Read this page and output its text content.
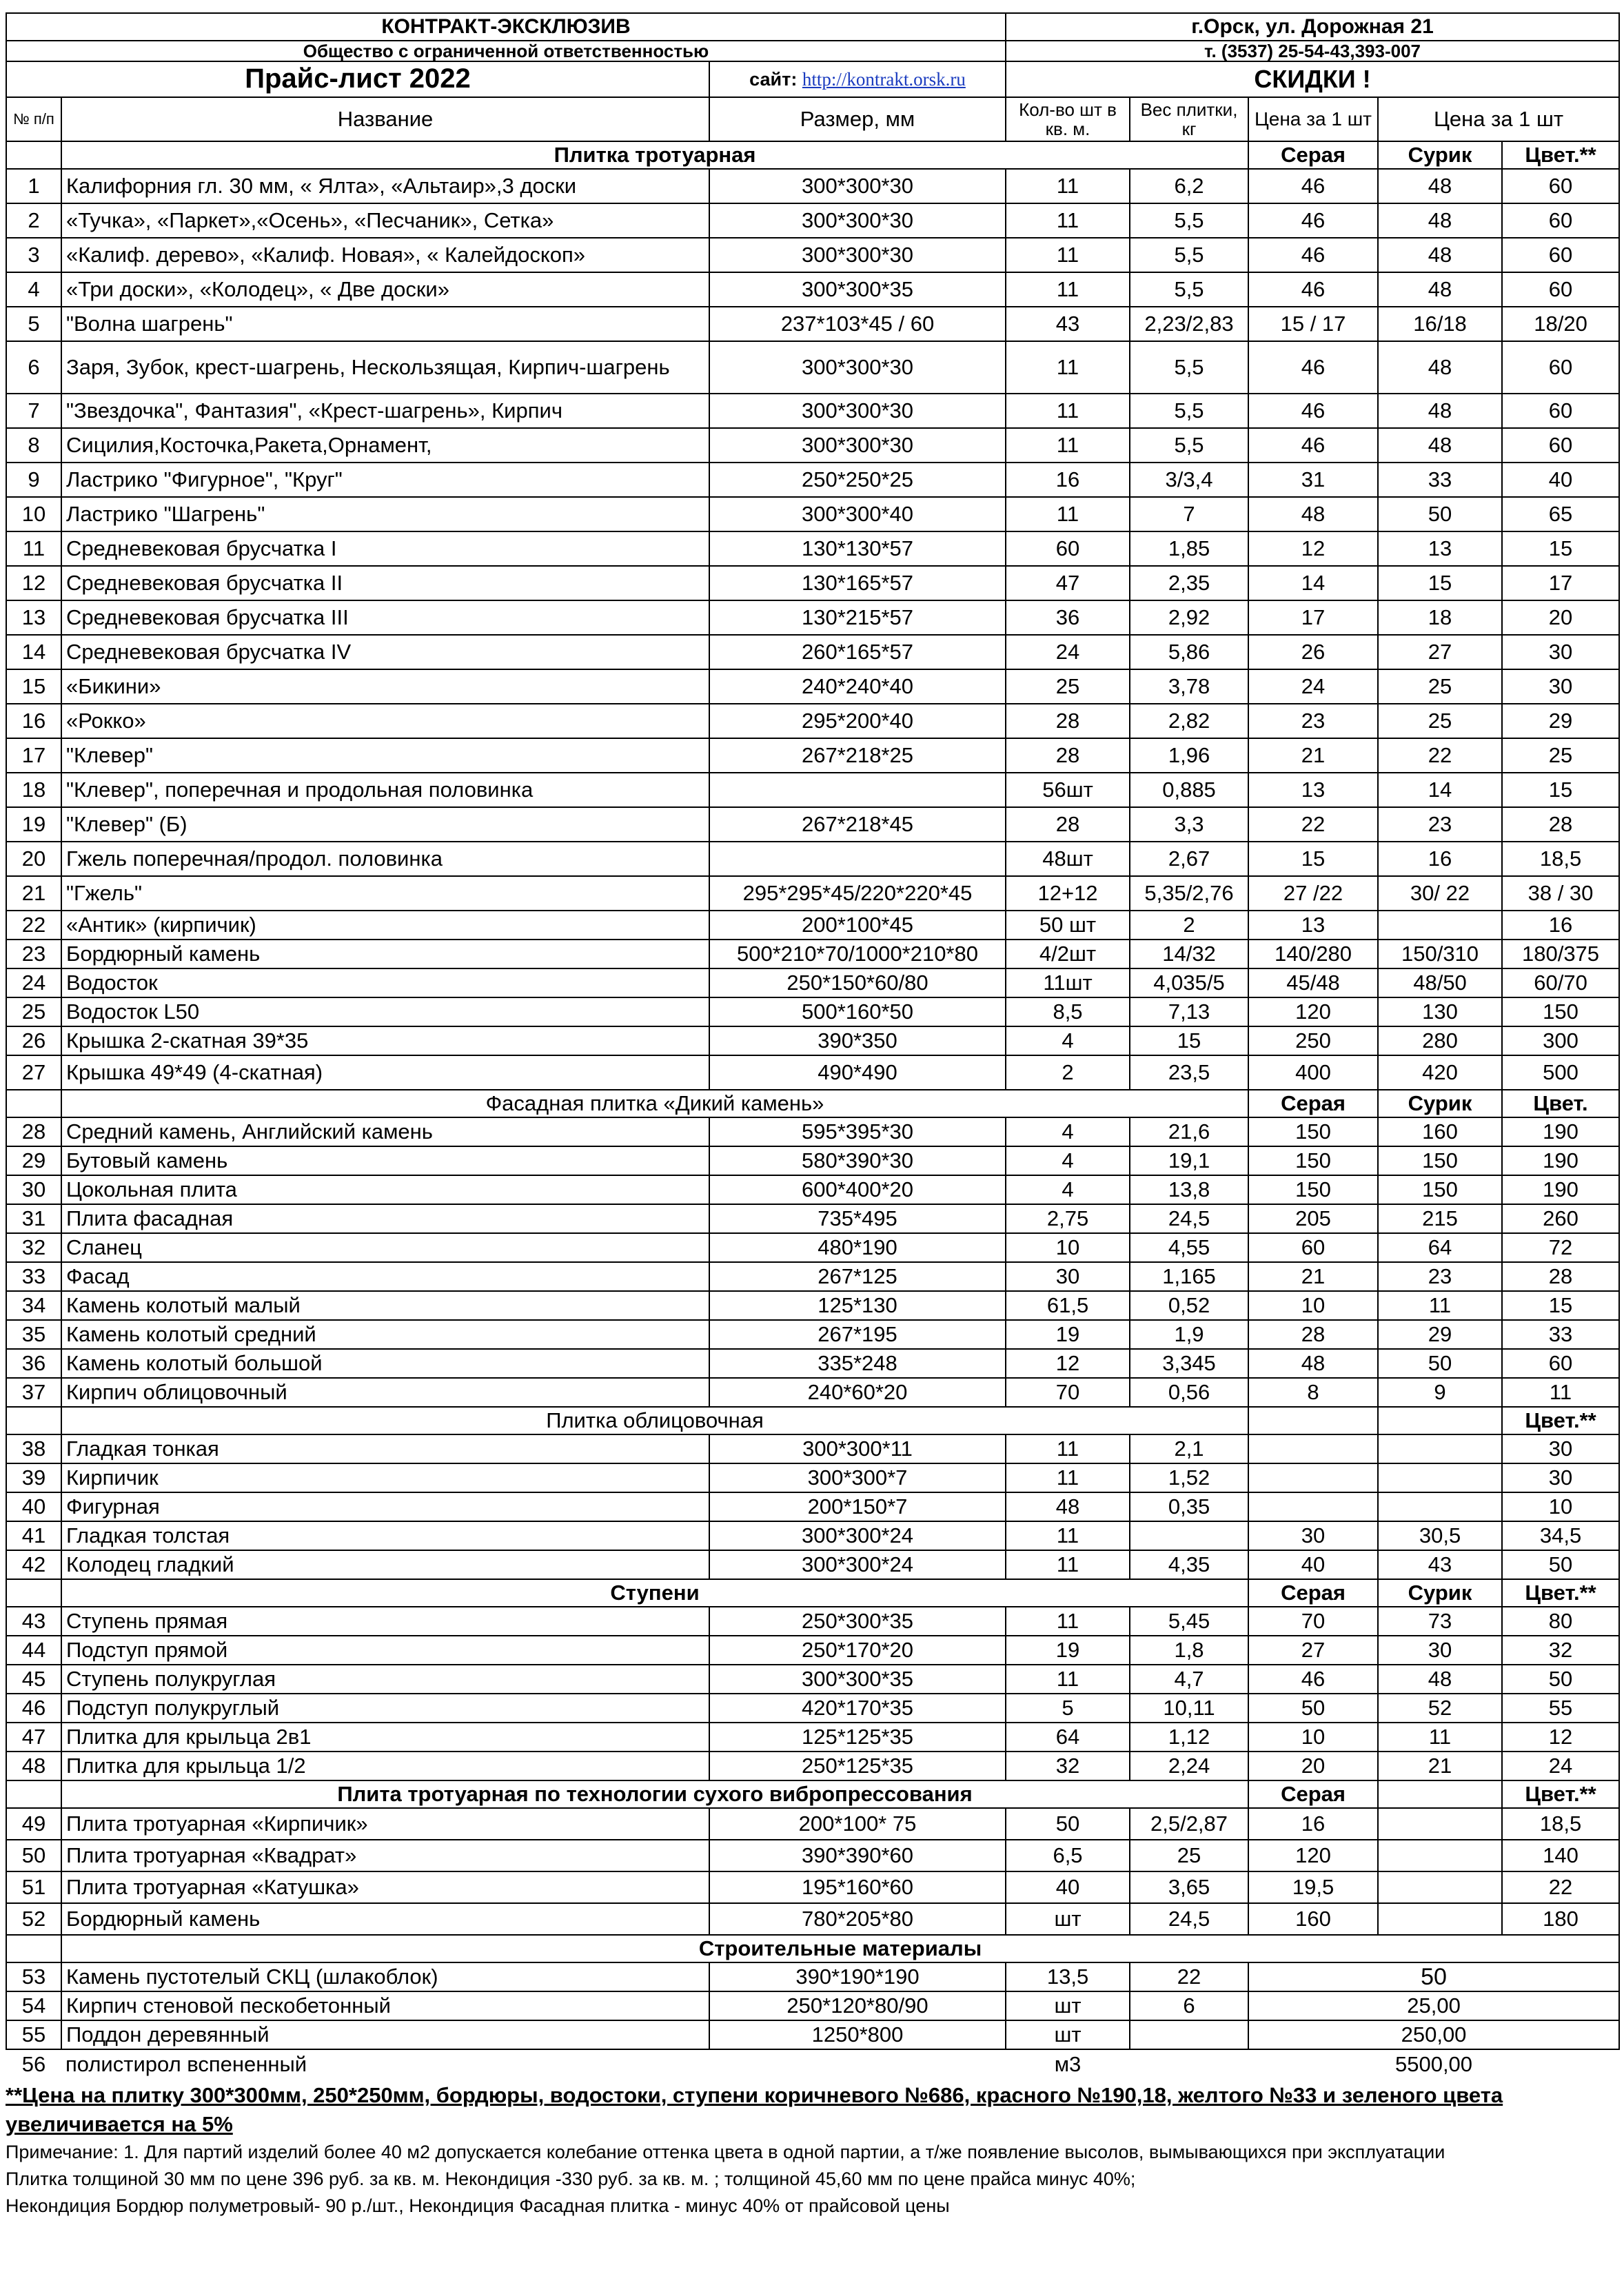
КОНТРАКТ-ЭКСКЛЮЗИВ			г.Орск, ул. Дорожная 21				
Общество с ограниченной ответственностью			т. (3537) 25-54-43,393-007				
Прайс-лист 2022		сайт: http://kontrakt.orsk.ru	СКИДКИ !				
№ п/п	Название	Размер, мм	Кол-во шт в кв. м.	Вес плитки, кг	Цена за 1 шт	Цена за 1 шт	
	Плитка тротуарная				Серая	Сурик	Цвет.**
1	Калифорния гл. 30 мм, « Ялта», «Альтаир»,3 доски	300*300*30	11	6,2	46	48	60
2	«Тучка», «Паркет»,«Осень», «Песчаник», Сетка»	300*300*30	11	5,5	46	48	60
3	«Калиф. дерево», «Калиф. Новая», « Калейдоскоп»	300*300*30	11	5,5	46	48	60
4	«Три доски», «Колодец», « Две доски»	300*300*35	11	5,5	46	48	60
5	"Волна шагрень"	237*103*45 / 60	43	2,23/2,83	15 / 17	16/18	18/20
6	Заря, Зубок, крест-шагрень, Нескользящая, Кирпич-шагрень	300*300*30	11	5,5	46	48	60
7	"Звездочка", Фантазия", «Крест-шагрень», Кирпич	300*300*30	11	5,5	46	48	60
8	Сицилия,Косточка,Ракета,Орнамент,	300*300*30	11	5,5	46	48	60
9	Ластрико "Фигурное", "Круг"	250*250*25	16	3/3,4	31	33	40
10	Ластрико "Шагрень"	300*300*40	11	7	48	50	65
11	Средневековая брусчатка I	130*130*57	60	1,85	12	13	15
12	Средневековая брусчатка II	130*165*57	47	2,35	14	15	17
13	Средневековая брусчатка III	130*215*57	36	2,92	17	18	20
14	Средневековая брусчатка IV	260*165*57	24	5,86	26	27	30
15	«Бикини»	240*240*40	25	3,78	24	25	30
16	«Рокко»	295*200*40	28	2,82	23	25	29
17	"Клевер"	267*218*25	28	1,96	21	22	25
18	"Клевер", поперечная и продольная половинка		56шт	0,885	13	14	15
19	"Клевер" (Б)	267*218*45	28	3,3	22	23	28
20	Гжель поперечная/продол. половинка		48шт	2,67	15	16	18,5
21	"Гжель"	295*295*45/220*220*45	12+12	5,35/2,76	27 /22	30/ 22	38 / 30
22	«Антик» (кирпичик)	200*100*45	50 шт	2	13		16
23	Бордюрный камень	500*210*70/1000*210*80	4/2шт	14/32	140/280	150/310	180/375
24	Водосток	250*150*60/80	11шт	4,035/5	45/48	48/50	60/70
25	Водосток L50	500*160*50	8,5	7,13	120	130	150
26	Крышка 2-скатная 39*35	390*350	4	15	250	280	300
27	Крышка 49*49 (4-скатная)	490*490	2	23,5	400	420	500
	Фасадная плитка «Дикий камень»				Серая	Сурик	Цвет.
28	Средний камень, Английский камень	595*395*30	4	21,6	150	160	190
29	Бутовый камень	580*390*30	4	19,1	150	150	190
30	Цокольная плита	600*400*20	4	13,8	150	150	190
31	Плита фасадная	735*495	2,75	24,5	205	215	260
32	Сланец	480*190	10	4,55	60	64	72
33	Фасад	267*125	30	1,165	21	23	28
34	Камень колотый малый	125*130	61,5	0,52	10	11	15
35	Камень колотый средний	267*195	19	1,9	28	29	33
36	Камень колотый большой	335*248	12	3,345	48	50	60
37	Кирпич облицовочный	240*60*20	70	0,56	8	9	11
	Плитка облицовочная						Цвет.**
38	Гладкая тонкая	300*300*11	11	2,1			30
39	Кирпичик	300*300*7	11	1,52			30
40	Фигурная	200*150*7	48	0,35			10
41	Гладкая толстая	300*300*24	11		30	30,5	34,5
42	Колодец гладкий	300*300*24	11	4,35	40	43	50
	Ступени				Серая	Сурик	Цвет.**
43	Ступень прямая	250*300*35	11	5,45	70	73	80
44	Подступ прямой	250*170*20	19	1,8	27	30	32
45	Ступень полукруглая	300*300*35	11	4,7	46	48	50
46	Подступ полукруглый	420*170*35	5	10,11	50	52	55
47	Плитка для крыльца 2в1	125*125*35	64	1,12	10	11	12
48	Плитка для крыльца 1/2	250*125*35	32	2,24	20	21	24
	Плита тротуарная по технологии сухого вибропрессования				Серая		Цвет.**
49	Плита тротуарная «Кирпичик»	200*100* 75	50	2,5/2,87	16		18,5
50	Плита тротуарная «Квадрат»	390*390*60	6,5	25	120		140
51	Плита тротуарная «Катушка»	195*160*60	40	3,65	19,5		22
52	Бордюрный камень	780*205*80	шт	24,5	160		180
	Строительные материалы						
53	Камень пустотелый СКЦ (шлакоблок)	390*190*190	13,5	22	50		
54	Кирпич стеновой пескобетонный	250*120*80/90	шт	6	25,00		
55	Поддон деревянный	1250*800	шт		250,00		
56	полистирол вспененный		м3		5500,00		
**Цена на плитку 300*300мм, 250*250мм, бордюры, водостоки, ступени коричневого №686, красного №190,18, желтого №33 и зеленого цвета увеличивается на 5%
Примечание: 1. Для партий изделий более 40 м2 допускается колебание оттенка цвета в одной партии, а т/же появление высолов, вымывающихся при эксплуатации
Плитка толщиной 30 мм по цене 396 руб. за кв. м. Некондиция -330 руб. за кв. м. ; толщиной 45,60 мм по цене прайса минус 40%;
Некондиция Бордюр полуметровый- 90 р./шт., Некондиция Фасадная плитка - минус 40% от прайсовой цены
